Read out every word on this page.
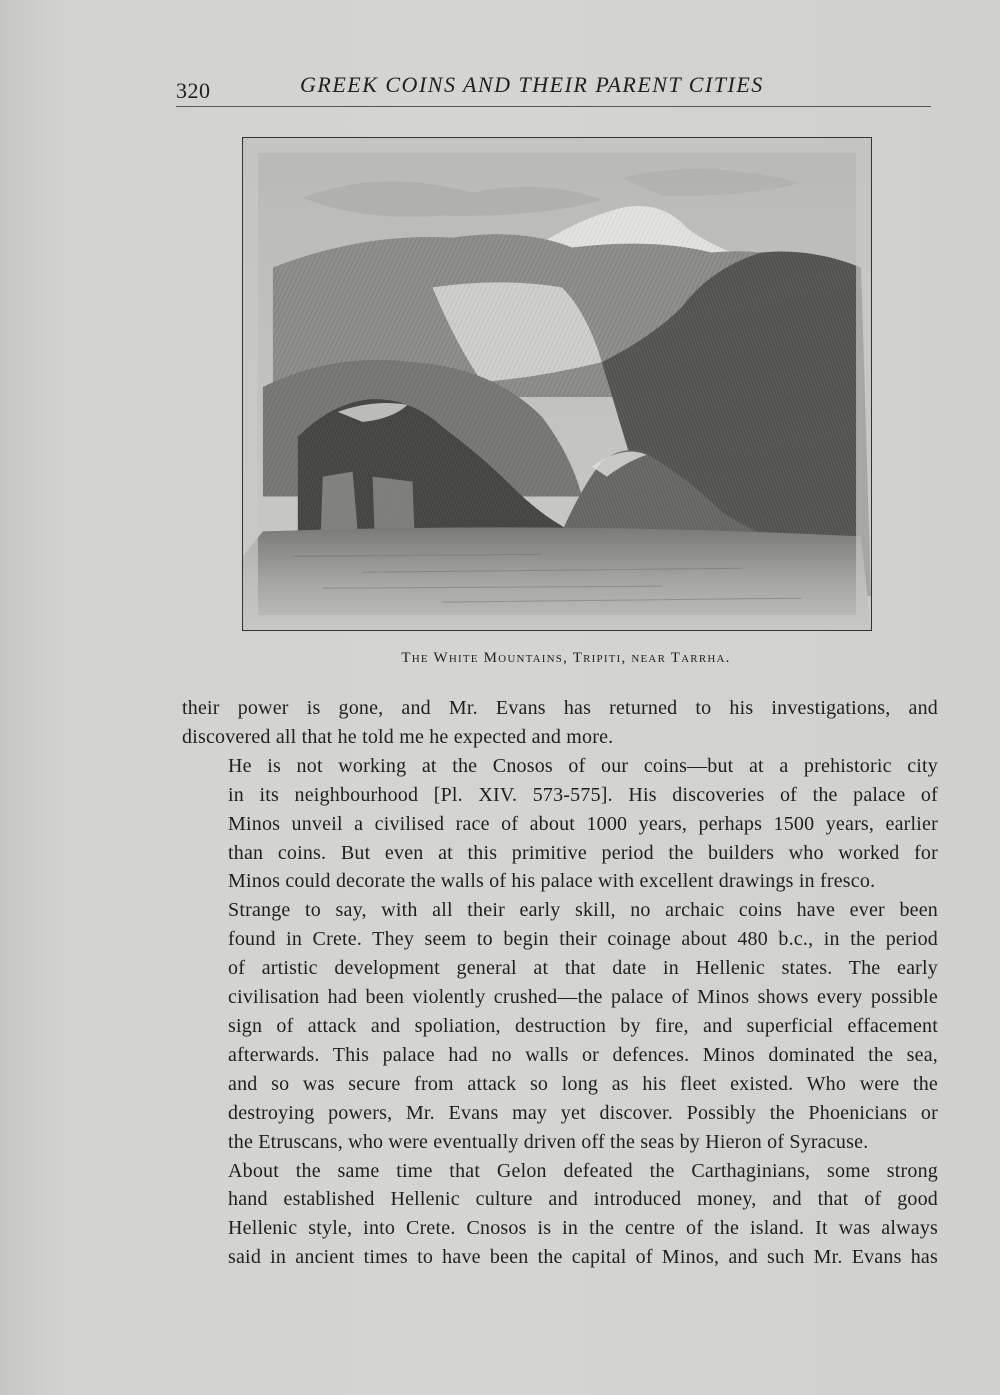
320	GREEK COINS AND THEIR PARENT CITIES
The White Mountains, Tripiti, near Tarrha.

their power is gone, and Mr. Evans has returned to his investigations, and
discovered all that he told me he expected and more.

He is not working at the Cnosos of our coins—but at a prehistoric city
in its neighbourhood [Pl. XIV. 573-575]. His discoveries of the palace of
Minos unveil a civilised race of about 1000 years, perhaps 1500 years, earlier
than coins. But even at this primitive period the builders who worked for
Minos could decorate the walls of his palace with excellent drawings in fresco.

Strange to say, with all their early skill, no archaic coins have ever been
found in Crete. They seem to begin their coinage about 480 b.c., in the period
of artistic development general at that date in Hellenic states. The early
civilisation had been violently crushed—the palace of Minos shows every possible
sign of attack and spoliation, destruction by fire, and superficial effacement
afterwards. This palace had no walls or defences. Minos dominated the sea,
and so was secure from attack so long as his fleet existed. Who were the
destroying powers, Mr. Evans may yet discover. Possibly the Phoenicians or
the Etruscans, who were eventually driven off the seas by Hieron of Syracuse.

About the same time that Gelon defeated the Carthaginians, some strong
hand established Hellenic culture and introduced money, and that of good
Hellenic style, into Crete. Cnosos is in the centre of the island. It was always
said in ancient times to have been the capital of Minos, and such Mr. Evans has
